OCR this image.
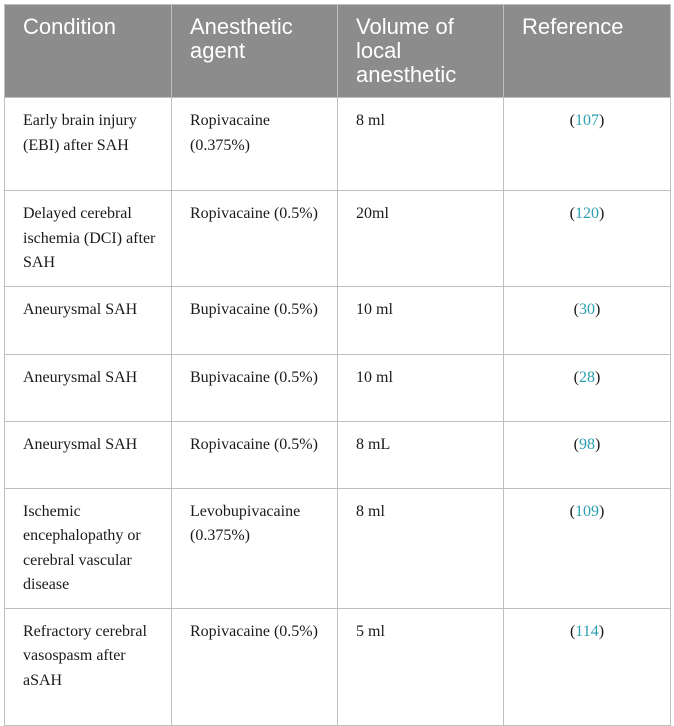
Condition	Anesthetic agent	Volume of local anesthetic	Reference
Early brain injury (EBI) after SAH	Ropivacaine (0.375%)	8 ml	(107)
Delayed cerebral ischemia (DCI) after SAH	Ropivacaine (0.5%)	20ml	(120)
Aneurysmal SAH	Bupivacaine (0.5%)	10 ml	(30)
Aneurysmal SAH	Bupivacaine (0.5%)	10 ml	(28)
Aneurysmal SAH	Ropivacaine (0.5%)	8 mL	(98)
Ischemic encephalopathy or cerebral vascular disease	Levobupivacaine (0.375%)	8 ml	(109)
Refractory cerebral vasospasm after aSAH	Ropivacaine (0.5%)	5 ml	(114)
